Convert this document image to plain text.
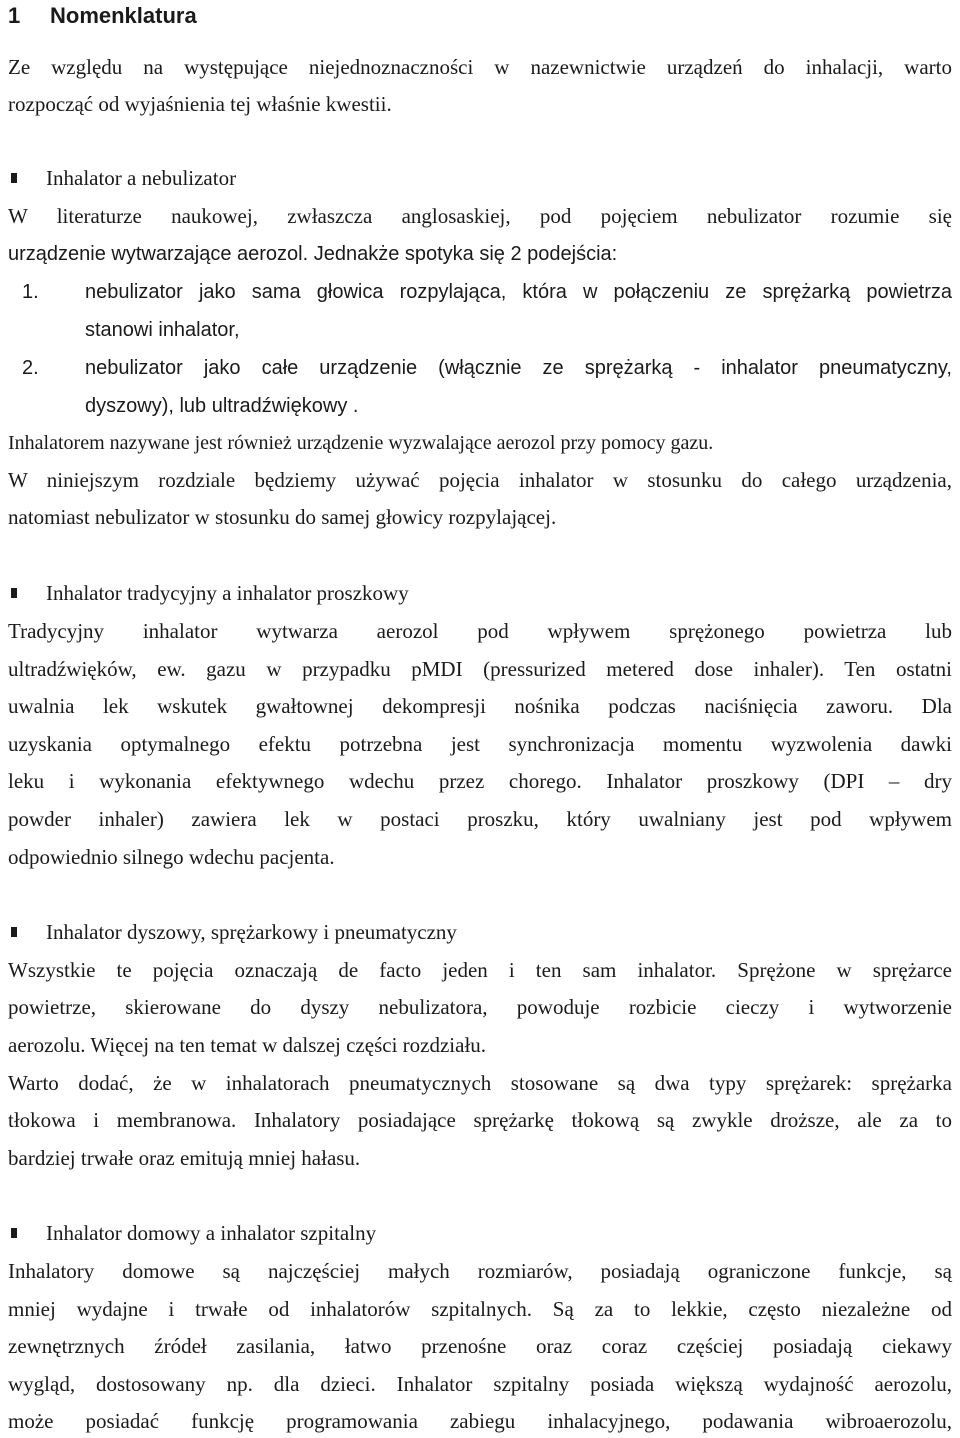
1 Nomenklatura
Ze względu na występujące niejednoznaczności w nazewnictwie urządzeń do inhalacji, warto
rozpocząć od wyjaśnienia tej właśnie kwestii.
Inhalator a nebulizator
W literaturze naukowej, zwłaszcza anglosaskiej, pod pojęciem nebulizator rozumie się
urządzenie wytwarzające aerozol. Jednakże spotyka się 2 podejścia:
1. nebulizator jako sama głowica rozpylająca, która w połączeniu ze sprężarką powietrza
stanowi inhalator,
2. nebulizator jako całe urządzenie (włącznie ze sprężarką - inhalator pneumatyczny,
dyszowy), lub ultradźwiękowy .
Inhalatorem nazywane jest również urządzenie wyzwalające aerozol przy pomocy gazu.
W niniejszym rozdziale będziemy używać pojęcia inhalator w stosunku do całego urządzenia,
natomiast nebulizator w stosunku do samej głowicy rozpylającej.
Inhalator tradycyjny a inhalator proszkowy
Tradycyjny inhalator wytwarza aerozol pod wpływem sprężonego powietrza lub
ultradźwięków, ew. gazu w przypadku pMDI (pressurized metered dose inhaler). Ten ostatni
uwalnia lek wskutek gwałtownej dekompresji nośnika podczas naciśnięcia zaworu. Dla
uzyskania optymalnego efektu potrzebna jest synchronizacja momentu wyzwolenia dawki
leku i wykonania efektywnego wdechu przez chorego. Inhalator proszkowy (DPI – dry
powder inhaler) zawiera lek w postaci proszku, który uwalniany jest pod wpływem
odpowiednio silnego wdechu pacjenta.
Inhalator dyszowy, sprężarkowy i pneumatyczny
Wszystkie te pojęcia oznaczają de facto jeden i ten sam inhalator. Sprężone w sprężarce
powietrze, skierowane do dyszy nebulizatora, powoduje rozbicie cieczy i wytworzenie
aerozolu. Więcej na ten temat w dalszej części rozdziału.
Warto dodać, że w inhalatorach pneumatycznych stosowane są dwa typy sprężarek: sprężarka
tłokowa i membranowa. Inhalatory posiadające sprężarkę tłokową są zwykle droższe, ale za to
bardziej trwałe oraz emitują mniej hałasu.
Inhalator domowy a inhalator szpitalny
Inhalatory domowe są najczęściej małych rozmiarów, posiadają ograniczone funkcje, są
mniej wydajne i trwałe od inhalatorów szpitalnych. Są za to lekkie, często niezależne od
zewnętrznych źródeł zasilania, łatwo przenośne oraz coraz częściej posiadają ciekawy
wygląd, dostosowany np. dla dzieci. Inhalator szpitalny posiada większą wydajność aerozolu,
może posiadać funkcję programowania zabiegu inhalacyjnego, podawania wibroaerozolu,
